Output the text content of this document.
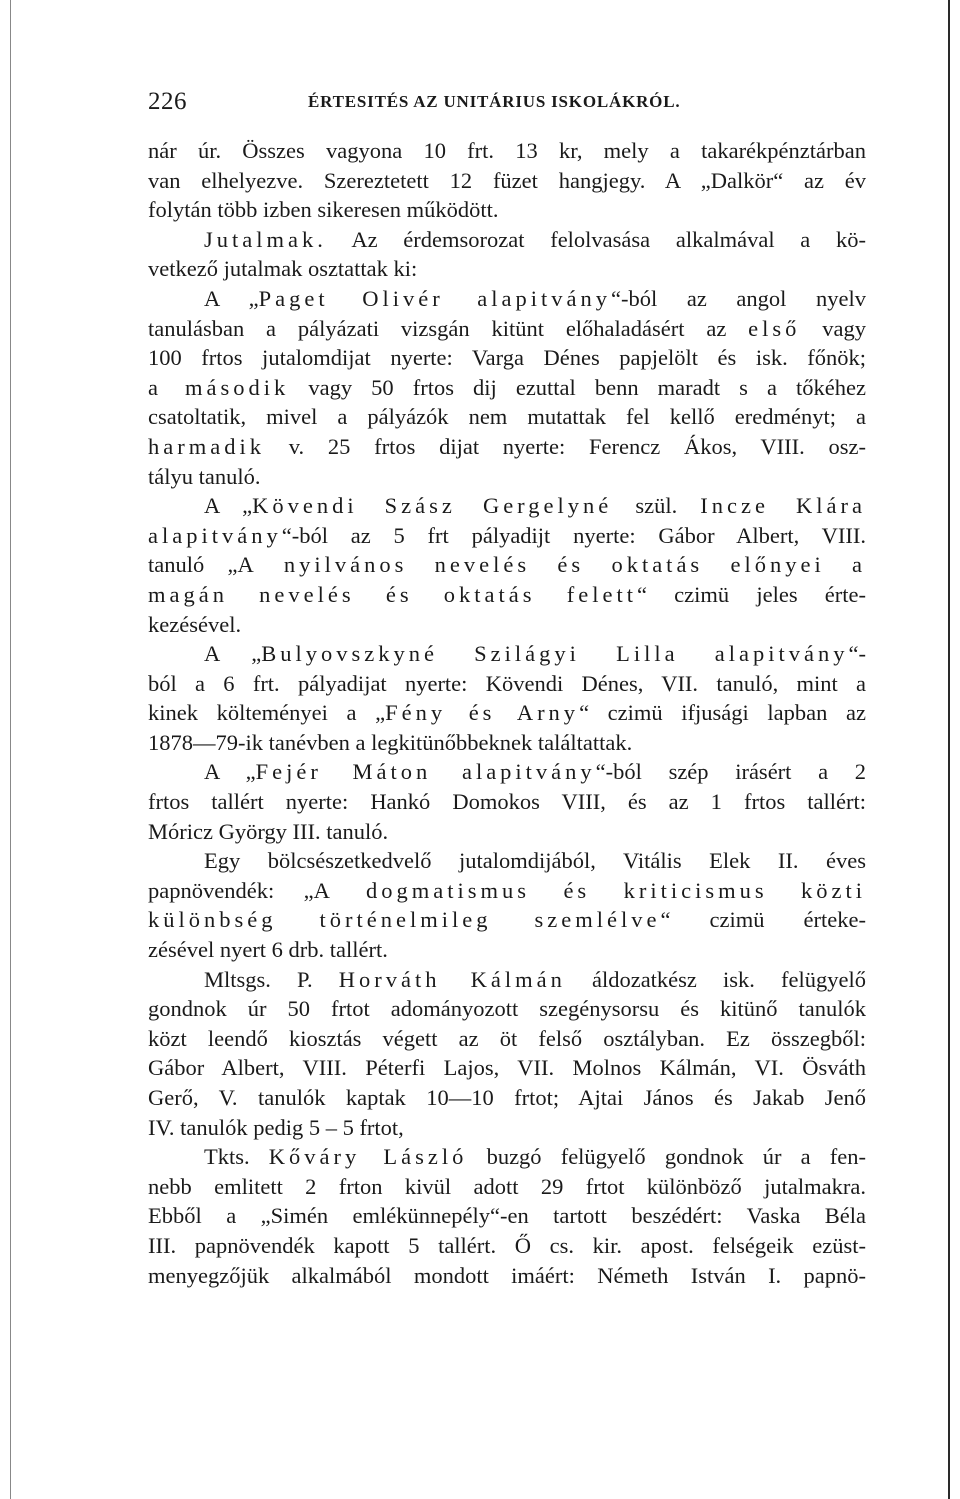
226	ÉRTESITÉS AZ UNITÁRIUS ISKOLÁKRÓL.
nár úr. Összes vagyona 10 frt. 13 kr, mely a takarékpénztárban
van elhelyezve. Szereztetett 12 füzet hangjegy. A „Dalkör“ az év
folytán több izben sikeresen működött.
Jutalmak. Az érdemsorozat felolvasása alkalmával a kö-
vetkező jutalmak osztattak ki:
A „Paget Olivér alapitvány“-ból az angol nyelv
tanulásban a pályázati vizsgán kitünt előhaladásért az első vagy
100 frtos jutalomdijat nyerte: Varga Dénes papjelölt és isk. főnök;
a második vagy 50 frtos dij ezuttal benn maradt s a tőkéhez
csatoltatik, mivel a pályázók nem mutattak fel kellő eredményt; a
harmadik v. 25 frtos dijat nyerte: Ferencz Ákos, VIII. osz-
tályu tanuló.
A „Kövendi Szász Gergelyné szül. Incze Klára
alapitvány“-ból az 5 frt pályadijt nyerte: Gábor Albert, VIII.
tanuló „A nyilvános nevelés és oktatás előnyei a
magán nevelés és oktatás felett“ czimü jeles érte-
kezésével.
A „Bulyovszkyné Szilágyi Lilla alapitvány“-
ból a 6 frt. pályadijat nyerte: Kövendi Dénes, VII. tanuló, mint a
kinek költeményei a „Fény és Arny“ czimü ifjusági lapban az
1878—79-ik tanévben a legkitünőbbeknek találtattak.
A „Fejér Máton alapitvány“-ból szép irásért a 2
frtos tallért nyerte: Hankó Domokos VIII, és az 1 frtos tallért:
Móricz György III. tanuló.
Egy bölcsészetkedvelő jutalomdijából, Vitális Elek II. éves
papnövendék: „A dogmatismus és kriticismus közti
különbség történelmileg szemlélve“ czimü érteke-
zésével nyert 6 drb. tallért.
Mltsgs. P. Horváth Kálmán áldozatkész isk. felügyelő
gondnok úr 50 frtot adományozott szegénysorsu és kitünő tanulók
közt leendő kiosztás végett az öt felső osztályban. Ez összegből:
Gábor Albert, VIII. Péterfi Lajos, VII. Molnos Kálmán, VI. Ösváth
Gerő, V. tanulók kaptak 10—10 frtot; Ajtai János és Jakab Jenő
IV. tanulók pedig 5 – 5 frtot,
Tkts. Kőváry László buzgó felügyelő gondnok úr a fen-
nebb emlitett 2 frton kivül adott 29 frtot különböző jutalmakra.
Ebből a „Simén emlékünnepély“-en tartott beszédért: Vaska Béla
III. papnövendék kapott 5 tallért. Ő cs. kir. apost. felségeik ezüst-
menyegzőjük alkalmából mondott imáért: Németh István I. papnö-
